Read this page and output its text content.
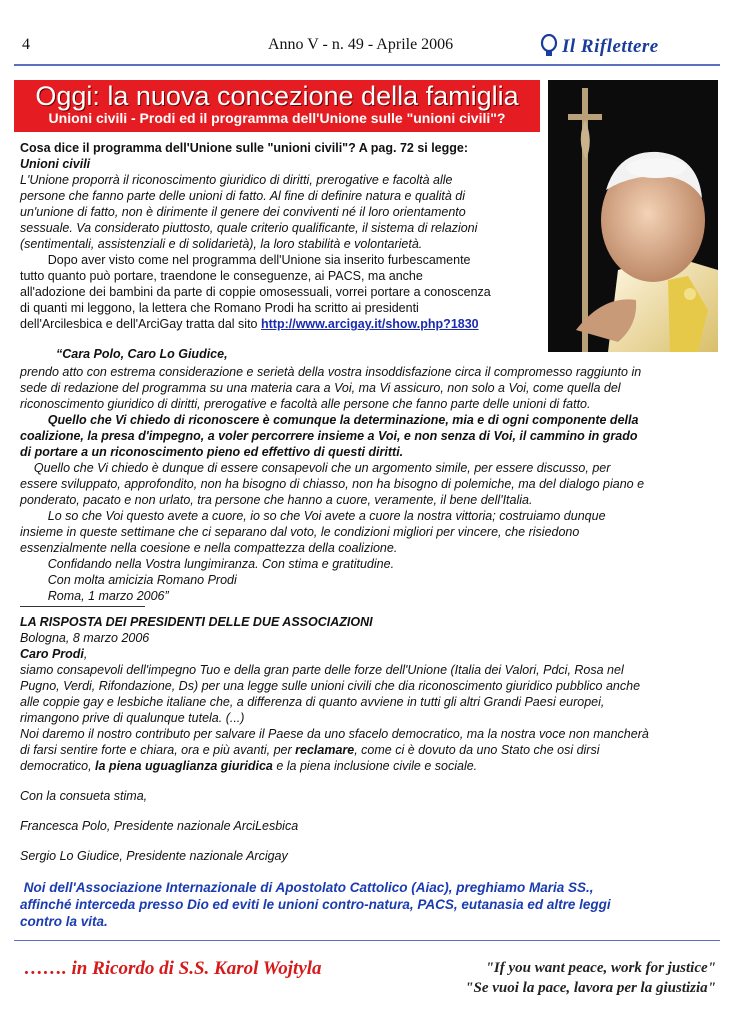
4	Anno V - n. 49 - Aprile 2006	Il Riflettere
Oggi: la nuova concezione della famiglia
Unioni civili - Prodi ed il programma dell'Unione sulle "unioni civili"?
Cosa dice il programma dell'Unione sulle "unioni civili"? A pag. 72 si legge:
Unioni civili
L'Unione proporrà il riconoscimento giuridico di diritti, prerogative e facoltà alle
persone che fanno parte delle unioni di fatto. Al fine di definire natura e qualità di
un'unione di fatto, non è dirimente il genere dei conviventi né il loro orientamento
sessuale. Va considerato piuttosto, quale criterio qualificante, il sistema di relazioni
(sentimentali, assistenziali e di solidarietà), la loro stabilità e volontarietà.
Dopo aver visto come nel programma dell'Unione sia inserito furbescamente
tutto quanto può portare, traendone le conseguenze, ai PACS, ma anche
all'adozione dei bambini da parte di coppie omosessuali, vorrei portare a conoscenza
di quanti mi leggono, la lettera che Romano Prodi ha scritto ai presidenti
dell'Arcilesbica e dell'ArciGay tratta dal sito http://www.arcigay.it/show.php?1830
“Cara Polo, Caro Lo Giudice,
prendo atto con estrema considerazione e serietà della vostra insoddisfazione circa il compromesso raggiunto in
sede di redazione del programma su una materia cara a Voi, ma Vi assicuro, non solo a Voi, come quella del
riconoscimento giuridico di diritti, prerogative e facoltà alle persone che fanno parte delle unioni di fatto.
Quello che Vi chiedo di riconoscere è comunque la determinazione, mia e di ogni componente della
coalizione, la presa d'impegno, a voler percorrere insieme a Voi, e non senza di Voi, il cammino in grado
di portare a un riconoscimento pieno ed effettivo di questi diritti.
Quello che Vi chiedo è dunque di essere consapevoli che un argomento simile, per essere discusso, per
essere sviluppato, approfondito, non ha bisogno di chiasso, non ha bisogno di polemiche, ma del dialogo piano e
ponderato, pacato e non urlato, tra persone che hanno a cuore, veramente, il bene dell'Italia.
Lo so che Voi questo avete a cuore, io so che Voi avete a cuore la nostra vittoria; costruiamo dunque
insieme in queste settimane che ci separano dal voto, le condizioni migliori per vincere, che risiedono
essenzialmente nella coesione e nella compattezza della coalizione.
Confidando nella Vostra lungimiranza. Con stima e gratitudine.
Con molta amicizia Romano Prodi
Roma, 1 marzo 2006”
——————————
LA RISPOSTA DEI PRESIDENTI DELLE DUE ASSOCIAZIONI
Bologna, 8 marzo 2006
Caro Prodi,
siamo consapevoli dell'impegno Tuo e della gran parte delle forze dell'Unione (Italia dei Valori, Pdci, Rosa nel
Pugno, Verdi, Rifondazione, Ds) per una legge sulle unioni civili che dia riconoscimento giuridico pubblico anche
alle coppie gay e lesbiche italiane che, a differenza di quanto avviene in tutti gli altri Grandi Paesi europei,
rimangono prive di qualunque tutela. (...)
Noi daremo il nostro contributo per salvare il Paese da uno sfacelo democratico, ma la nostra voce non mancherà
di farsi sentire forte e chiara, ora e più avanti, per reclamare, come ci è dovuto da uno Stato che osi dirsi
democratico, la piena uguaglianza giuridica e la piena inclusione civile e sociale.
Con la consueta stima,
Francesca Polo, Presidente nazionale ArciLesbica
Sergio Lo Giudice, Presidente nazionale Arcigay
Noi dell'Associazione Internazionale di Apostolato Cattolico (Aiac), preghiamo Maria SS.,
affinché interceda presso Dio ed eviti le unioni contro-natura, PACS, eutanasia ed altre leggi
contro la vita.
……. in Ricordo di S.S. Karol Wojtyla	"If you want peace, work for justice"
"Se vuoi la pace, lavora per la giustizia"
